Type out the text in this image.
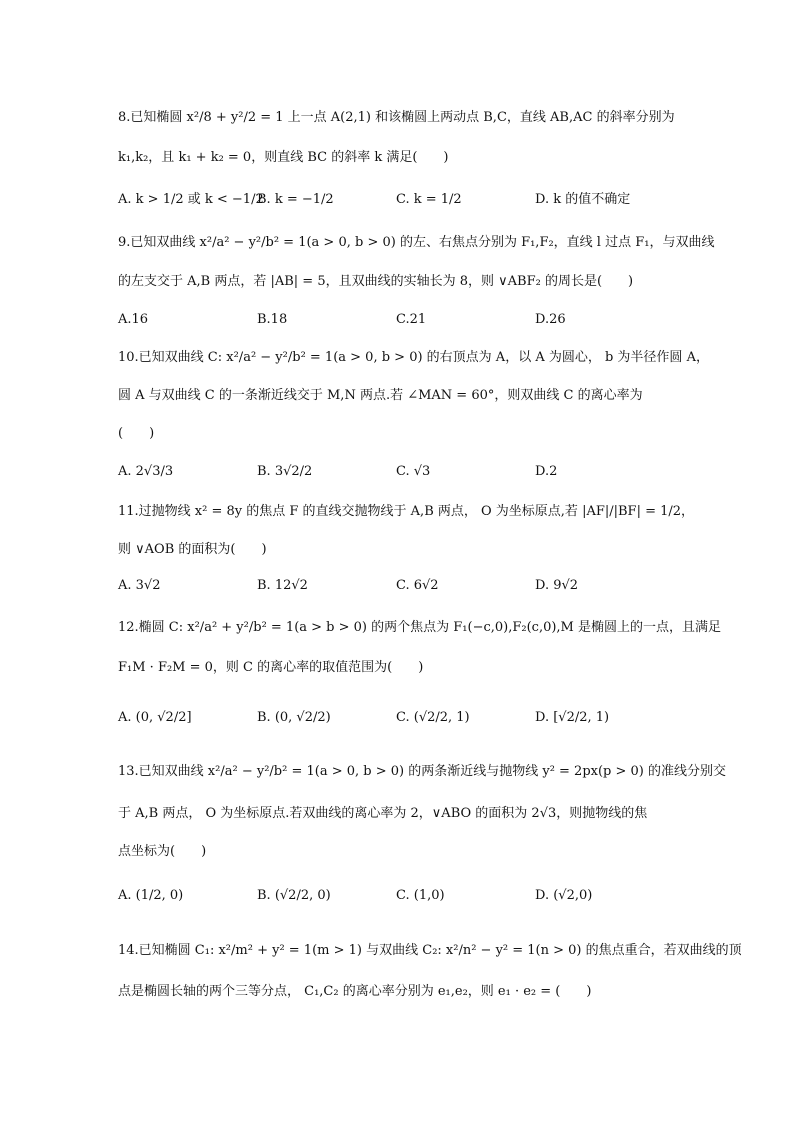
8.已知椭圆 x²/8 + y²/2 = 1 上一点 A(2,1) 和该椭圆上两动点 B,C，直线 AB,AC 的斜率分别为
k₁,k₂，且 k₁ + k₂ = 0，则直线 BC 的斜率 k 满足(　　)
A. k > 1/2 或 k < −1/2
B. k = −1/2	C. k = 1/2	D. k 的值不确定
9.已知双曲线 x²/a² − y²/b² = 1(a > 0, b > 0) 的左、右焦点分别为 F₁,F₂，直线 l 过点 F₁，与双曲线
的左支交于 A,B 两点，若 |AB| = 5，且双曲线的实轴长为 8，则 ∨ABF₂ 的周长是(　　)
A.16	B.18	C.21	D.26
10.已知双曲线 C: x²/a² − y²/b² = 1(a > 0, b > 0) 的右顶点为 A，以 A 为圆心， b 为半径作圆 A，
圆 A 与双曲线 C 的一条渐近线交于 M,N 两点.若 ∠MAN = 60°，则双曲线 C 的离心率为
(　　)
A. 2√3/3	B. 3√2/2	C. √3	D.2
11.过抛物线 x² = 8y 的焦点 F 的直线交抛物线于 A,B 两点， O 为坐标原点,若 |AF|/|BF| = 1/2，
则 ∨AOB 的面积为(　　)
A. 3√2	B. 12√2	C. 6√2	D. 9√2
12.椭圆 C: x²/a² + y²/b² = 1(a > b > 0) 的两个焦点为 F₁(−c,0),F₂(c,0),M 是椭圆上的一点，且满足
F₁M · F₂M = 0，则 C 的离心率的取值范围为(　　)
A. (0, √2/2]	B. (0, √2/2)	C. (√2/2, 1)	D. [√2/2, 1)
13.已知双曲线 x²/a² − y²/b² = 1(a > 0, b > 0) 的两条渐近线与抛物线 y² = 2px(p > 0) 的准线分别交
于 A,B 两点， O 为坐标原点.若双曲线的离心率为 2，∨ABO 的面积为 2√3，则抛物线的焦
点坐标为(　　)
A. (1/2, 0)	B. (√2/2, 0)	C. (1,0)	D. (√2,0)
14.已知椭圆 C₁: x²/m² + y² = 1(m > 1) 与双曲线 C₂: x²/n² − y² = 1(n > 0) 的焦点重合，若双曲线的顶
点是椭圆长轴的两个三等分点， C₁,C₂ 的离心率分别为 e₁,e₂，则 e₁ · e₂ = (　　)
